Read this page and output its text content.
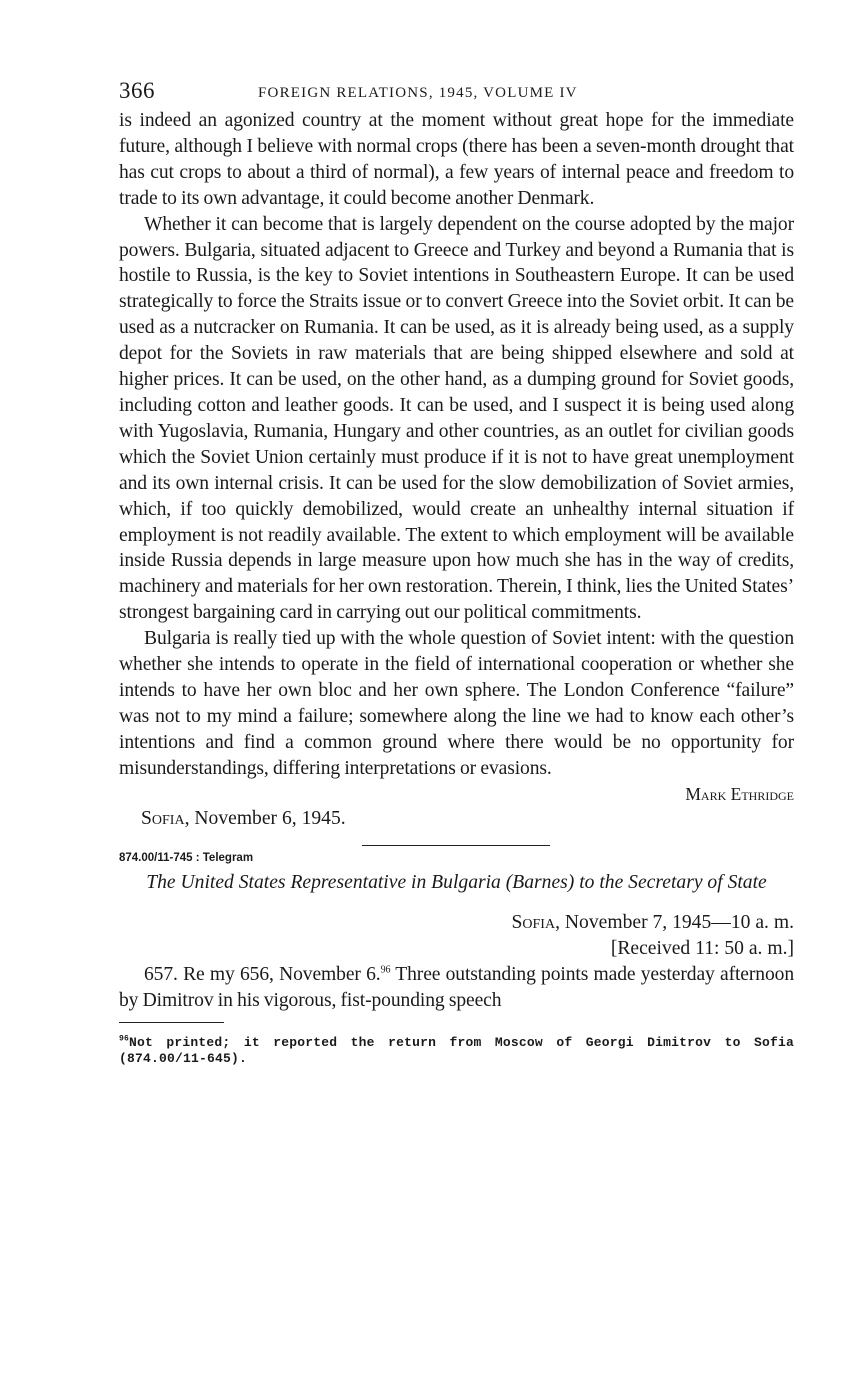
366	FOREIGN RELATIONS, 1945, VOLUME IV

is indeed an agonized country at the moment without great hope for the immediate future, although I believe with normal crops (there has been a seven-month drought that has cut crops to about a third of normal), a few years of internal peace and freedom to trade to its own advantage, it could become another Denmark.

Whether it can become that is largely dependent on the course adopted by the major powers. Bulgaria, situated adjacent to Greece and Turkey and beyond a Rumania that is hostile to Russia, is the key to Soviet intentions in Southeastern Europe. It can be used strategically to force the Straits issue or to convert Greece into the Soviet orbit. It can be used as a nutcracker on Rumania. It can be used, as it is already being used, as a supply depot for the Soviets in raw materials that are being shipped elsewhere and sold at higher prices. It can be used, on the other hand, as a dumping ground for Soviet goods, including cotton and leather goods. It can be used, and I suspect it is being used along with Yugoslavia, Rumania, Hungary and other countries, as an outlet for civilian goods which the Soviet Union certainly must produce if it is not to have great unemployment and its own internal crisis. It can be used for the slow demobilization of Soviet armies, which, if too quickly demobilized, would create an unhealthy internal situation if employment is not readily available. The extent to which employment will be available inside Russia depends in large measure upon how much she has in the way of credits, machinery and materials for her own restoration. Therein, I think, lies the United States’ strongest bargaining card in carrying out our political commitments.

Bulgaria is really tied up with the whole question of Soviet intent: with the question whether she intends to operate in the field of international cooperation or whether she intends to have her own bloc and her own sphere. The London Conference “failure” was not to my mind a failure; somewhere along the line we had to know each other’s intentions and find a common ground where there would be no opportunity for misunderstandings, differing interpretations or evasions.

Mark Ethridge

Sofia, November 6, 1945.

874.00/11-745 : Telegram
The United States Representative in Bulgaria (Barnes) to the Secretary of State
Sofia, November 7, 1945—10 a. m.
[Received 11: 50 a. m.]

657. Re my 656, November 6.96 Three outstanding points made yesterday afternoon by Dimitrov in his vigorous, fist-pounding speech

$^{96}$Not printed; it reported the return from Moscow of Georgi Dimitrov to Sofia (874.00/11-645).
